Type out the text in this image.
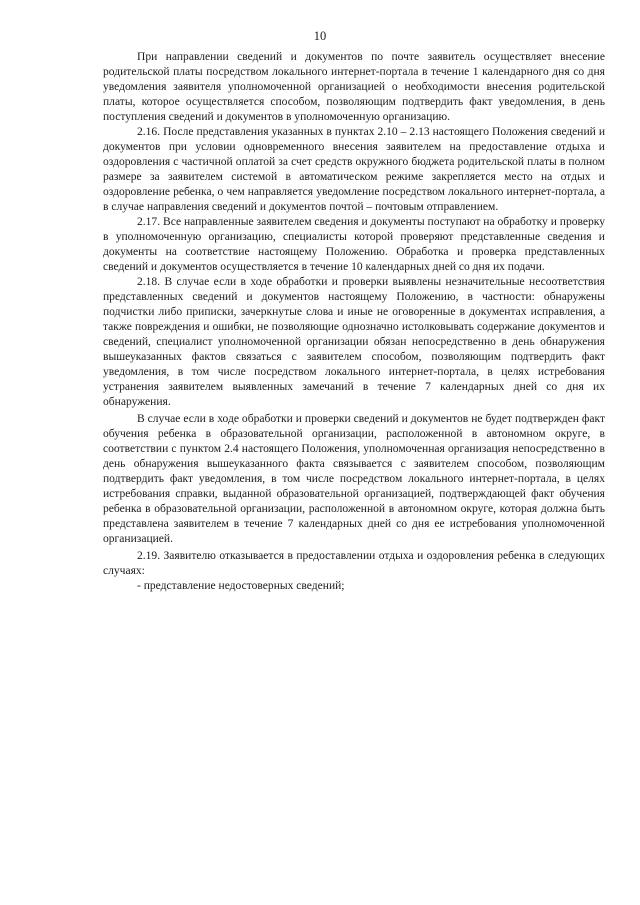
10

При направлении сведений и документов по почте заявитель осуществляет внесение родительской платы посредством локального интернет-портала в течение 1 календарного дня со дня уведомления заявителя уполномоченной организацией о необходимости внесения родительской платы, которое осуществляется способом, позволяющим подтвердить факт уведомления, в день поступления сведений и документов в уполномоченную организацию.

2.16. После представления указанных в пунктах 2.10 – 2.13 настоящего Положения сведений и документов при условии одновременного внесения заявителем на предоставление отдыха и оздоровления с частичной оплатой за счет средств окружного бюджета родительской платы в полном размере за заявителем системой в автоматическом режиме закрепляется место на отдых и оздоровление ребенка, о чем направляется уведомление посредством локального интернет-портала, а в случае направления сведений и документов почтой – почтовым отправлением.

2.17. Все направленные заявителем сведения и документы поступают на обработку и проверку в уполномоченную организацию, специалисты которой проверяют представленные сведения и документы на соответствие настоящему Положению. Обработка и проверка представленных сведений и документов осуществляется в течение 10 календарных дней со дня их подачи.

2.18. В случае если в ходе обработки и проверки выявлены незначительные несоответствия представленных сведений и документов настоящему Положению, в частности: обнаружены подчистки либо приписки, зачеркнутые слова и иные не оговоренные в документах исправления, а также повреждения и ошибки, не позволяющие однозначно истолковывать содержание документов и сведений, специалист уполномоченной организации обязан непосредственно в день обнаружения вышеуказанных фактов связаться с заявителем способом, позволяющим подтвердить факт уведомления, в том числе посредством локального интернет-портала, в целях истребования устранения заявителем выявленных замечаний в течение 7 календарных дней со дня их обнаружения.

В случае если в ходе обработки и проверки сведений и документов не будет подтвержден факт обучения ребенка в образовательной организации, расположенной в автономном округе, в соответствии с пунктом 2.4 настоящего Положения, уполномоченная организация непосредственно в день обнаружения вышеуказанного факта связывается с заявителем способом, позволяющим подтвердить факт уведомления, в том числе посредством локального интернет-портала, в целях истребования справки, выданной образовательной организацией, подтверждающей факт обучения ребенка в образовательной организации, расположенной в автономном округе, которая должна быть представлена заявителем в течение 7 календарных дней со дня ее истребования уполномоченной организацией.

2.19. Заявителю отказывается в предоставлении отдыха и оздоровления ребенка в следующих случаях:

- представление недостоверных сведений;
